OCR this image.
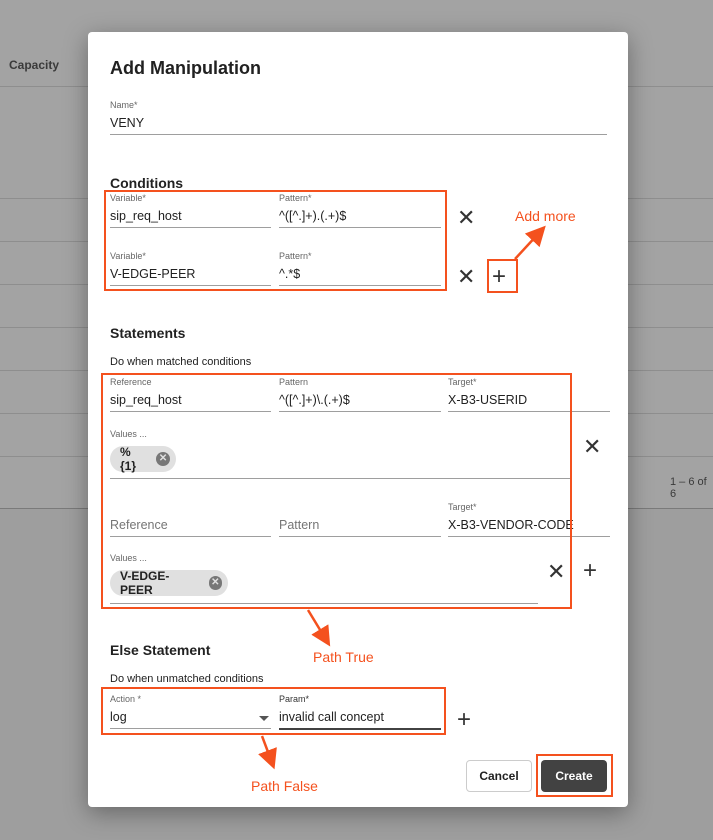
Capacity
1 – 6 of 6
Add Manipulation
Name*
VENY
Conditions
Variable*
sip_req_host
Pattern*
^([^.]+).(.+)$	✕
Variable*
V-EDGE-PEER
Pattern*
^.*$	✕ +
Statements
Do when matched conditions
Reference
sip_req_host
Pattern
^([^.]+)\.(.+)$
Target*
X-B3-USERID
Values ...
%{1}
✕	✕
Reference	Pattern
Target*
X-B3-VENDOR-CODE
Values ...
V-EDGE-PEER
✕	✕ +
Else Statement
Do when unmatched conditions
Action *
log
Param*
invalid call concept	+
Cancel	Create
Add more
Path True
Path False
